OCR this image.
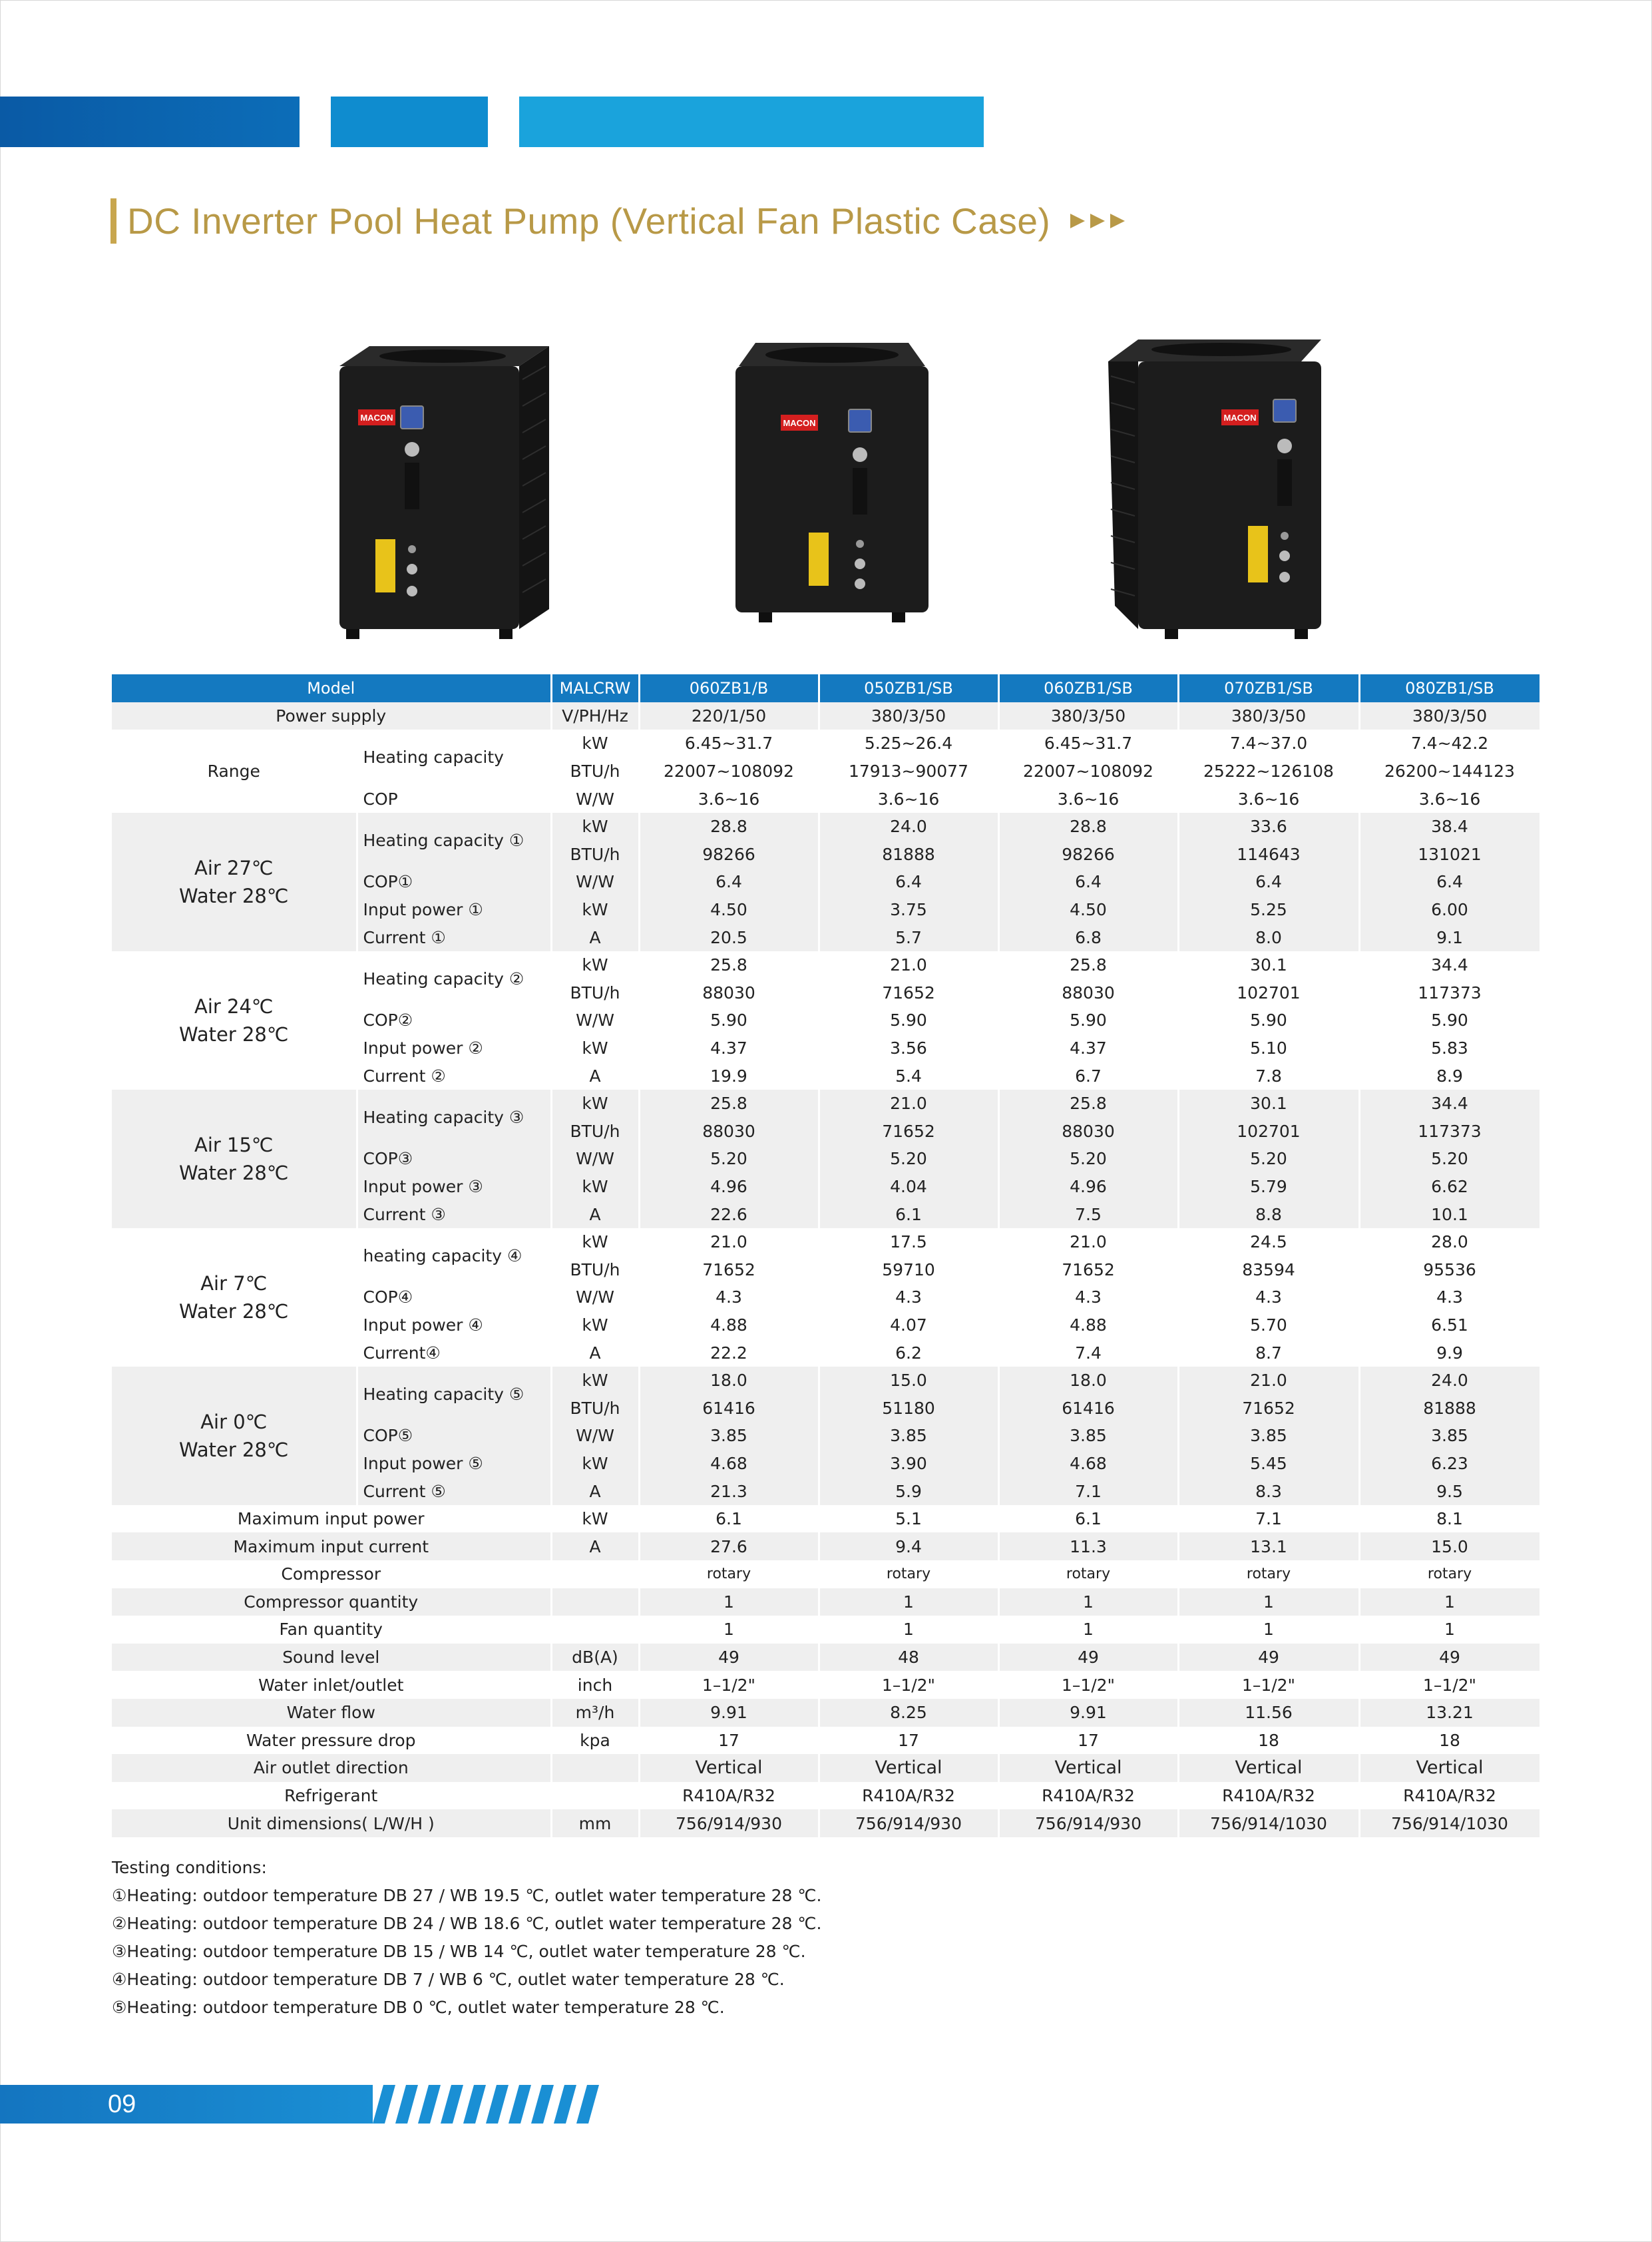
DC Inverter Pool Heat Pump (Vertical Fan Plastic Case)
MACON
MACON
MACON
Model		MALCRW	060ZB1/B	050ZB1/SB	060ZB1/SB	070ZB1/SB	080ZB1/SB
Power supply		V/PH/Hz	220/1/50	380/3/50	380/3/50	380/3/50	380/3/50
Range	Heating capacity	kW	6.45~31.7	5.25~26.4	6.45~31.7	7.4~37.0	7.4~42.2
		BTU/h	22007~108092	17913~90077	22007~108092	25222~126108	26200~144123
	COP	W/W	3.6~16	3.6~16	3.6~16	3.6~16	3.6~16

Air 27℃
Water 28℃	Heating capacity ①	kW	28.8	24.0	28.8	33.6	38.4
		BTU/h	98266	81888	98266	114643	131021
	COP①	W/W	6.4	6.4	6.4	6.4	6.4
	Input power ①	kW	4.50	3.75	4.50	5.25	6.00
	Current ①	A	20.5	5.7	6.8	8.0	9.1

Air 24℃
Water 28℃	Heating capacity ②	kW	25.8	21.0	25.8	30.1	34.4
		BTU/h	88030	71652	88030	102701	117373
	COP②	W/W	5.90	5.90	5.90	5.90	5.90
	Input power ②	kW	4.37	3.56	4.37	5.10	5.83
	Current ②	A	19.9	5.4	6.7	7.8	8.9

Air 15℃
Water 28℃	Heating capacity ③	kW	25.8	21.0	25.8	30.1	34.4
		BTU/h	88030	71652	88030	102701	117373
	COP③	W/W	5.20	5.20	5.20	5.20	5.20
	Input power ③	kW	4.96	4.04	4.96	5.79	6.62
	Current ③	A	22.6	6.1	7.5	8.8	10.1

Air 7℃
Water 28℃	heating capacity ④	kW	21.0	17.5	21.0	24.5	28.0
		BTU/h	71652	59710	71652	83594	95536
	COP④	W/W	4.3	4.3	4.3	4.3	4.3
	Input power ④	kW	4.88	4.07	4.88	5.70	6.51
	Current④	A	22.2	6.2	7.4	8.7	9.9

Air 0℃
Water 28℃	Heating capacity ⑤	kW	18.0	15.0	18.0	21.0	24.0
		BTU/h	61416	51180	61416	71652	81888
	COP⑤	W/W	3.85	3.85	3.85	3.85	3.85
	Input power ⑤	kW	4.68	3.90	4.68	5.45	6.23
	Current ⑤	A	21.3	5.9	7.1	8.3	9.5
Maximum input power		kW	6.1	5.1	6.1	7.1	8.1
Maximum input current		A	27.6	9.4	11.3	13.1	15.0
Compressor			rotary	rotary	rotary	rotary	rotary
Compressor quantity			1	1	1	1	1
Fan quantity			1	1	1	1	1
Sound level		dB(A)	49	48	49	49	49
Water inlet/outlet		inch	1–1/2"	1–1/2"	1–1/2"	1–1/2"	1–1/2"
Water flow		m³/h	9.91	8.25	9.91	11.56	13.21
Water pressure drop		kpa	17	17	17	18	18
Air outlet direction			Vertical	Vertical	Vertical	Vertical	Vertical
Refrigerant			R410A/R32	R410A/R32	R410A/R32	R410A/R32	R410A/R32
Unit dimensions( L/W/H )		mm	756/914/930	756/914/930	756/914/930	756/914/1030	756/914/1030
Testing conditions:
①Heating: outdoor temperature DB 27 / WB 19.5 ℃, outlet water temperature 28 ℃.
②Heating: outdoor temperature DB 24 / WB 18.6 ℃, outlet water temperature 28 ℃.
③Heating: outdoor temperature DB 15 / WB 14 ℃, outlet water temperature 28 ℃.
④Heating: outdoor temperature DB 7 / WB 6 ℃, outlet water temperature 28 ℃.
⑤Heating: outdoor temperature DB 0 ℃, outlet water temperature 28 ℃.
09
